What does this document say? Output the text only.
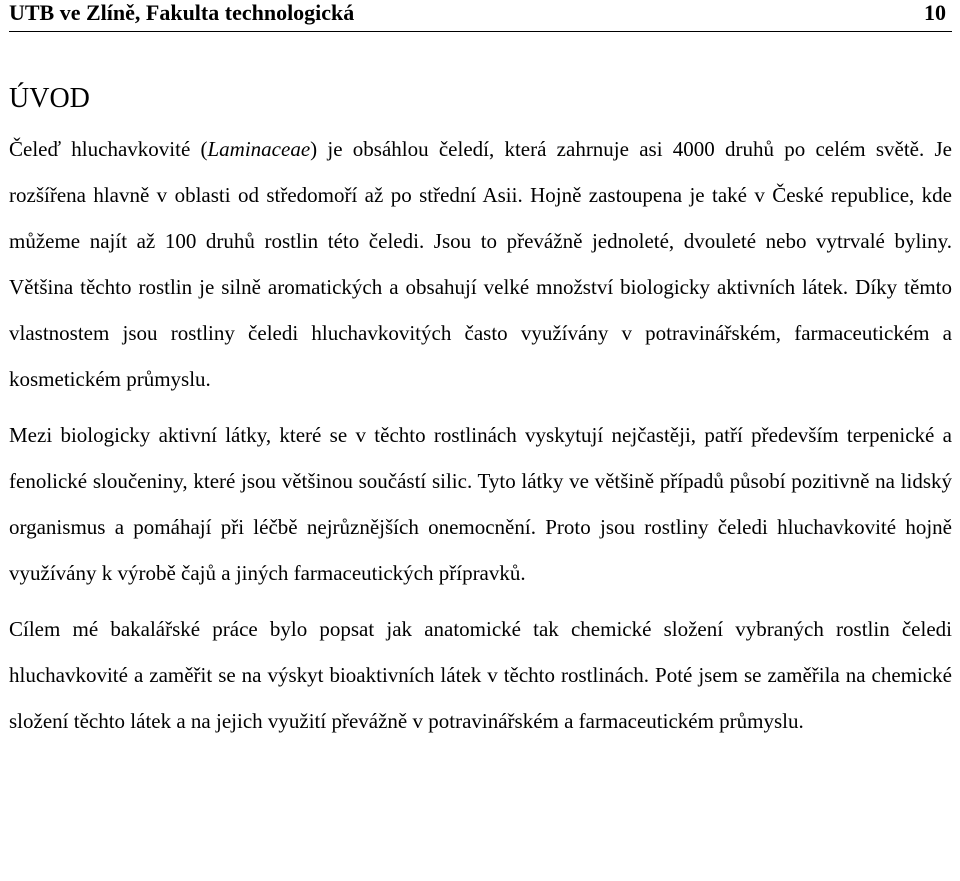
UTB ve Zlíně, Fakulta technologická	10
ÚVOD

Čeleď hluchavkovité (Laminaceae) je obsáhlou čeledí, která zahrnuje asi 4000 druhů po celém světě. Je rozšířena hlavně v oblasti od středomoří až po střední Asii. Hojně zastoupena je také v České republice, kde můžeme najít až 100 druhů rostlin této čeledi. Jsou to převážně jednoleté, dvouleté nebo vytrvalé byliny. Většina těchto rostlin je silně aromatických a obsahují velké množství biologicky aktivních látek. Díky těmto vlastnostem jsou rostliny čeledi hluchavkovitých často využívány v potravinářském, farmaceutickém a kosmetickém průmyslu.

Mezi biologicky aktivní látky, které se v těchto rostlinách vyskytují nejčastěji, patří především terpenické a fenolické sloučeniny, které jsou většinou součástí silic. Tyto látky ve většině případů působí pozitivně na lidský organismus a pomáhají při léčbě nejrůznějších onemocnění. Proto jsou rostliny čeledi hluchavkovité hojně využívány k výrobě čajů a jiných farmaceutických přípravků.

Cílem mé bakalářské práce bylo popsat jak anatomické tak chemické složení vybraných rostlin čeledi hluchavkovité a zaměřit se na výskyt bioaktivních látek v těchto rostlinách. Poté jsem se zaměřila na chemické složení těchto látek a na jejich využití převážně v potravinářském a farmaceutickém průmyslu.
